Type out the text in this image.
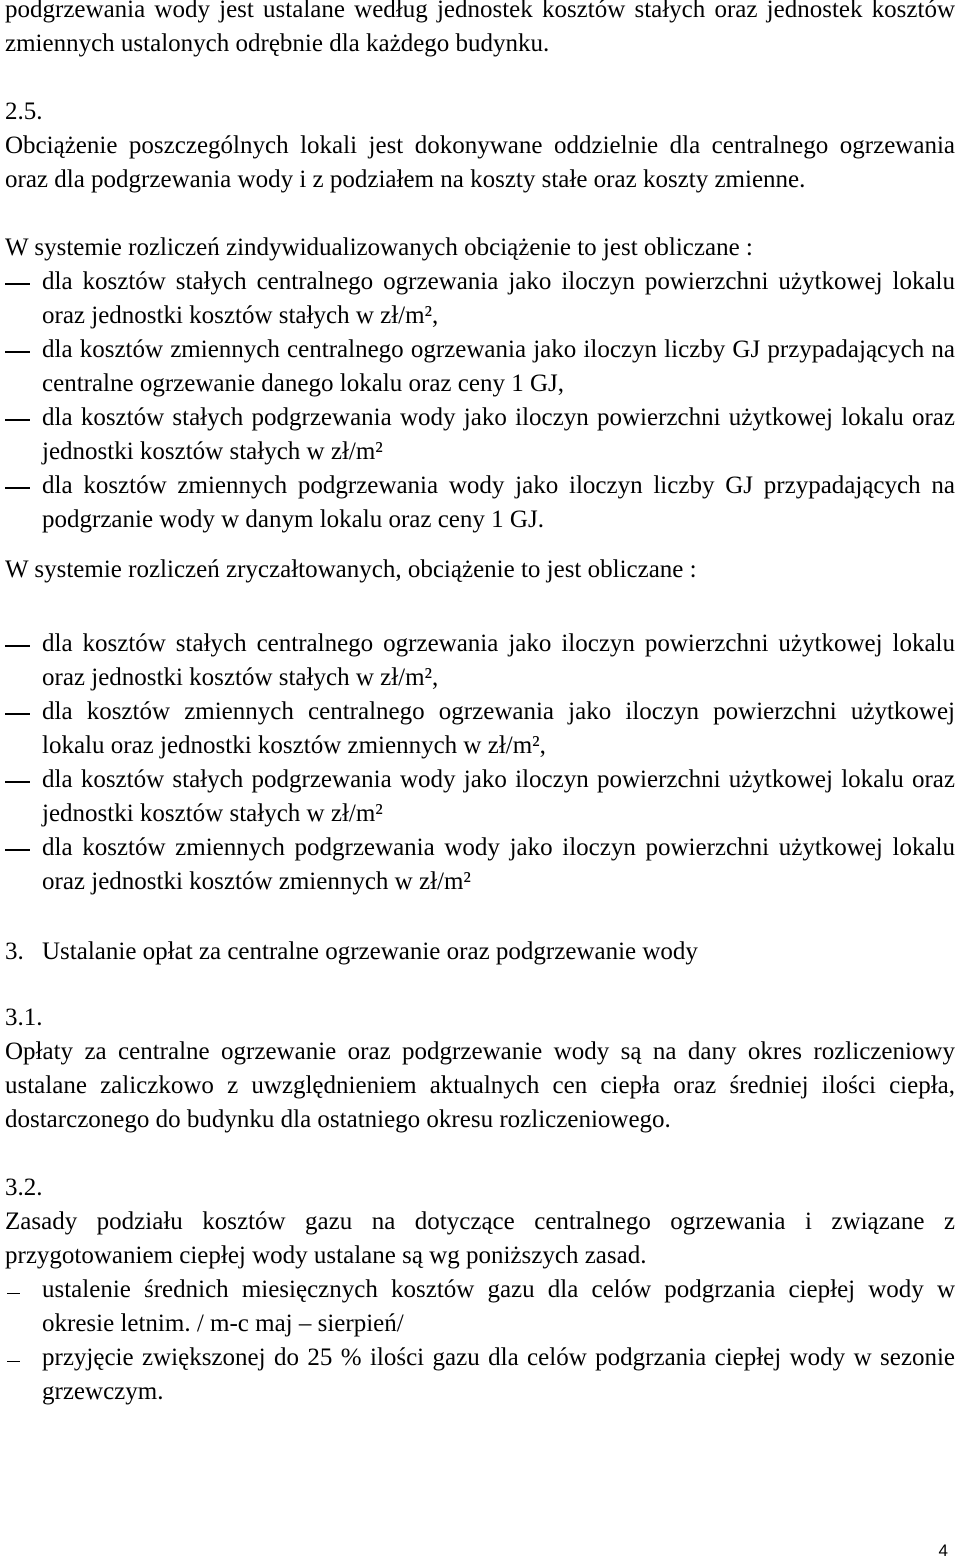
podgrzewania wody jest ustalane według jednostek kosztów stałych oraz jednostek kosztów zmiennych ustalonych odrębnie dla każdego budynku.

2.5.

Obciążenie poszczególnych lokali jest dokonywane oddzielnie dla centralnego ogrzewania oraz dla podgrzewania wody i z podziałem na koszty stałe oraz koszty zmienne.

W systemie rozliczeń zindywidualizowanych obciążenie to jest obliczane :

dla kosztów stałych centralnego ogrzewania jako iloczyn powierzchni użytkowej lokalu oraz jednostki kosztów stałych w zł/m²,
dla kosztów zmiennych centralnego ogrzewania jako iloczyn liczby GJ przypadających na centralne ogrzewanie danego lokalu oraz ceny 1 GJ,
dla kosztów stałych podgrzewania wody jako iloczyn powierzchni użytkowej lokalu oraz jednostki kosztów stałych w zł/m²
dla kosztów zmiennych podgrzewania wody jako iloczyn liczby GJ przypadających na podgrzanie wody w danym lokalu oraz ceny 1 GJ.

W systemie rozliczeń zryczałtowanych, obciążenie to jest obliczane :

dla kosztów stałych centralnego ogrzewania jako iloczyn powierzchni użytkowej lokalu oraz jednostki kosztów stałych w zł/m²,
dla kosztów zmiennych centralnego ogrzewania jako iloczyn powierzchni użytkowej lokalu oraz jednostki kosztów zmiennych w zł/m²,
dla kosztów stałych podgrzewania wody jako iloczyn powierzchni użytkowej lokalu oraz jednostki kosztów stałych w zł/m²
dla kosztów zmiennych podgrzewania wody jako iloczyn powierzchni użytkowej lokalu oraz jednostki kosztów zmiennych w zł/m²
3. Ustalanie opłat za centralne ogrzewanie oraz podgrzewanie wody

3.1.

Opłaty za centralne ogrzewanie oraz podgrzewanie wody są na dany okres rozliczeniowy ustalane zaliczkowo z uwzględnieniem aktualnych cen ciepła oraz średniej ilości ciepła, dostarczonego do budynku dla ostatniego okresu rozliczeniowego.

3.2.

Zasady podziału kosztów gazu na dotyczące centralnego ogrzewania i związane z przygotowaniem ciepłej wody ustalane są wg poniższych zasad.

ustalenie średnich miesięcznych kosztów gazu dla celów podgrzania ciepłej wody w okresie letnim. / m-c maj – sierpień/
przyjęcie zwiększonej do 25 % ilości gazu dla celów podgrzania ciepłej wody w sezonie grzewczym.
4
